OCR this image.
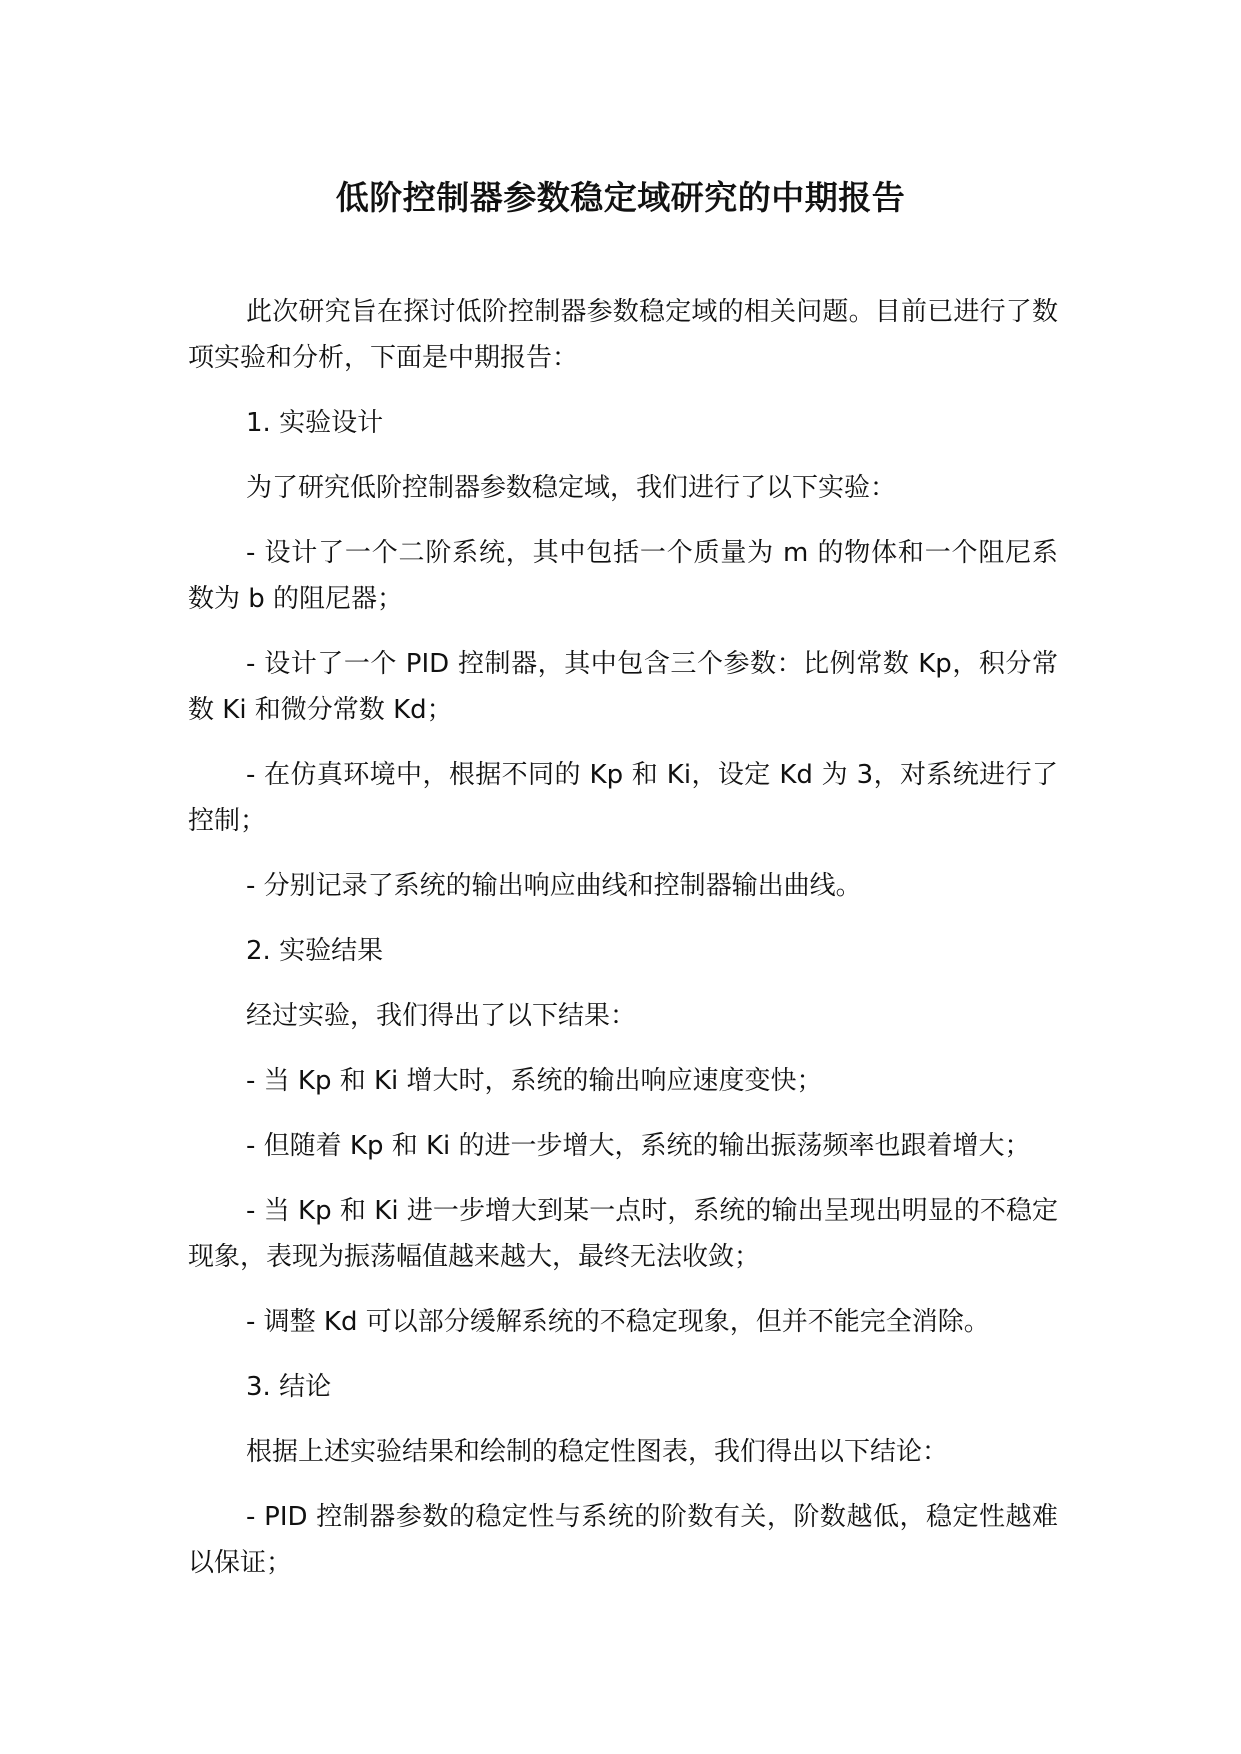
低阶控制器参数稳定域研究的中期报告

此次研究旨在探讨低阶控制器参数稳定域的相关问题。目前已进行了数项实验和分析，下面是中期报告：

1. 实验设计

为了研究低阶控制器参数稳定域，我们进行了以下实验：

- 设计了一个二阶系统，其中包括一个质量为 m 的物体和一个阻尼系数为 b 的阻尼器；

- 设计了一个 PID 控制器，其中包含三个参数：比例常数 Kp，积分常数 Ki 和微分常数 Kd；

- 在仿真环境中，根据不同的 Kp 和 Ki，设定 Kd 为 3，对系统进行了控制；

- 分别记录了系统的输出响应曲线和控制器输出曲线。

2. 实验结果

经过实验，我们得出了以下结果：

- 当 Kp 和 Ki 增大时，系统的输出响应速度变快；

- 但随着 Kp 和 Ki 的进一步增大，系统的输出振荡频率也跟着增大；

- 当 Kp 和 Ki 进一步增大到某一点时，系统的输出呈现出明显的不稳定现象，表现为振荡幅值越来越大，最终无法收敛；

- 调整 Kd 可以部分缓解系统的不稳定现象，但并不能完全消除。

3. 结论

根据上述实验结果和绘制的稳定性图表，我们得出以下结论：

- PID 控制器参数的稳定性与系统的阶数有关，阶数越低，稳定性越难以保证；
